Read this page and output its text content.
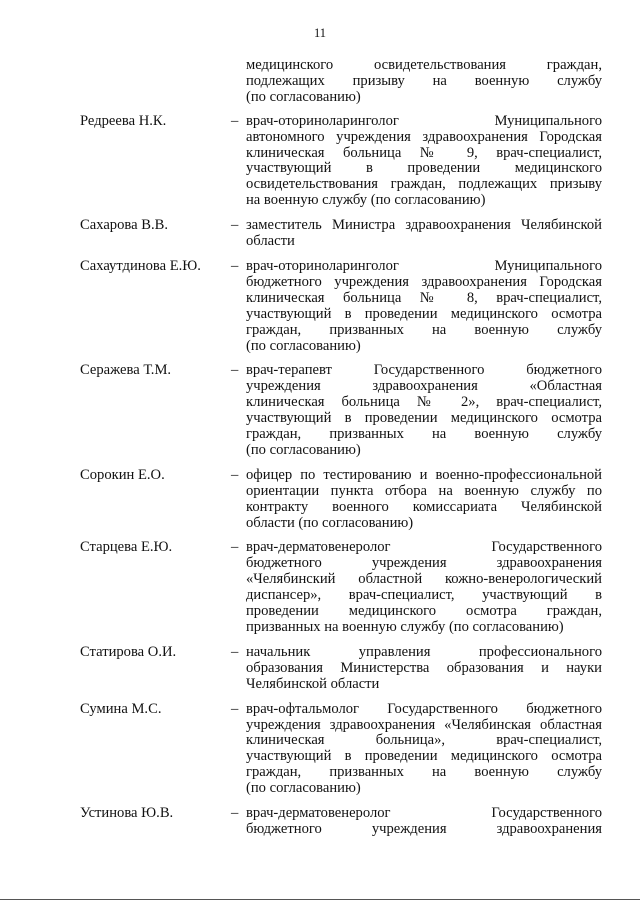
11
медицинского освидетельствования граждан,
подлежащих призыву на военную службу
(по согласованию)
Редреева Н.К.	– врач-оториноларинголог Муниципального
автономного учреждения здравоохранения Городская
клиническая больница № 9, врач-специалист,
участвующий в проведении медицинского
освидетельствования граждан, подлежащих призыву
на военную службу (по согласованию)
Сахарова В.В.	– заместитель Министра здравоохранения Челябинской
области
Сахаутдинова Е.Ю.	– врач-оториноларинголог Муниципального
бюджетного учреждения здравоохранения Городская
клиническая больница № 8, врач-специалист,
участвующий в проведении медицинского осмотра
граждан, призванных на военную службу
(по согласованию)
Серажева Т.М.	– врач-терапевт Государственного бюджетного
учреждения здравоохранения «Областная
клиническая больница № 2», врач-специалист,
участвующий в проведении медицинского осмотра
граждан, призванных на военную службу
(по согласованию)
Сорокин Е.О.	– офицер по тестированию и военно-профессиональной
ориентации пункта отбора на военную службу по
контракту военного комиссариата Челябинской
области (по согласованию)
Старцева Е.Ю.	– врач-дерматовенеролог Государственного
бюджетного учреждения здравоохранения
«Челябинский областной кожно-венерологический
диспансер», врач-специалист, участвующий в
проведении медицинского осмотра граждан,
призванных на военную службу (по согласованию)
Статирова О.И.	– начальник управления профессионального
образования Министерства образования и науки
Челябинской области
Сумина М.С.	– врач-офтальмолог Государственного бюджетного
учреждения здравоохранения «Челябинская областная
клиническая больница», врач-специалист,
участвующий в проведении медицинского осмотра
граждан, призванных на военную службу
(по согласованию)
Устинова Ю.В.	– врач-дерматовенеролог Государственного
бюджетного учреждения здравоохранения
